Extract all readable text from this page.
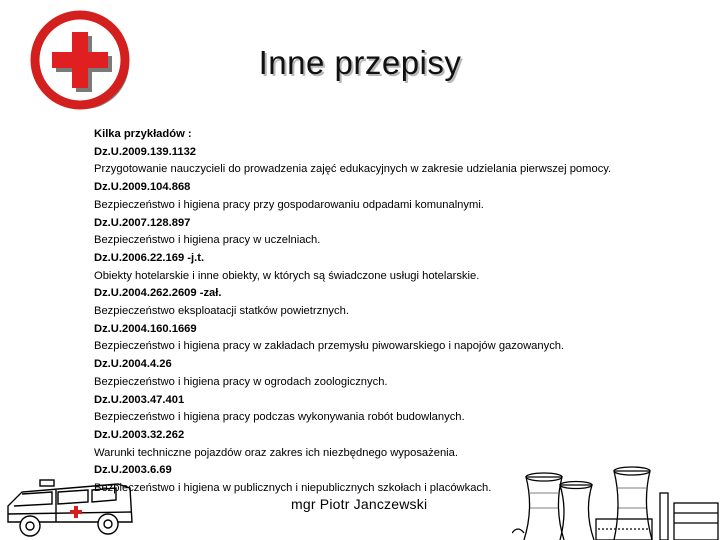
Inne przepisy
Kilka przykładów :
Dz.U.2009.139.1132
Przygotowanie nauczycieli do prowadzenia zajęć edukacyjnych w zakresie udzielania pierwszej pomocy.
Dz.U.2009.104.868
Bezpieczeństwo i higiena pracy przy gospodarowaniu odpadami komunalnymi.
Dz.U.2007.128.897
Bezpieczeństwo i higiena pracy w uczelniach.
Dz.U.2006.22.169 -j.t.
Obiekty hotelarskie i inne obiekty, w których są świadczone usługi hotelarskie.
Dz.U.2004.262.2609 -zał.
Bezpieczeństwo eksploatacji statków powietrznych.
Dz.U.2004.160.1669
Bezpieczeństwo i higiena pracy w zakładach przemysłu piwowarskiego i napojów gazowanych.
Dz.U.2004.4.26
Bezpieczeństwo i higiena pracy w ogrodach zoologicznych.
Dz.U.2003.47.401
Bezpieczeństwo i higiena pracy podczas wykonywania robót budowlanych.
Dz.U.2003.32.262
Warunki techniczne pojazdów oraz zakres ich niezbędnego wyposażenia.
Dz.U.2003.6.69
Bezpieczeństwo i higiena w publicznych i niepublicznych szkołach i placówkach.
mgr Piotr Janczewski
